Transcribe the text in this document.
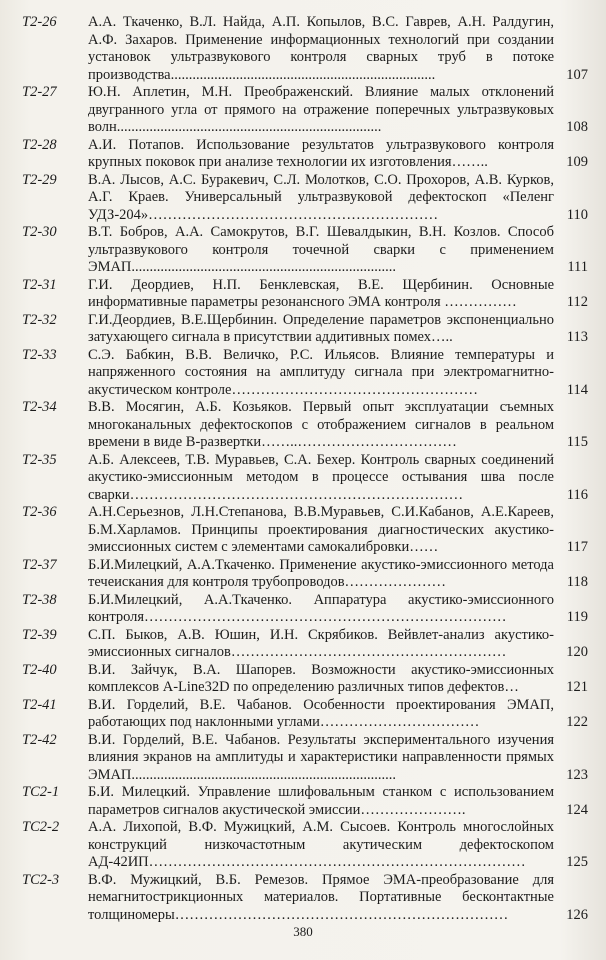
Т2-26	А.А. Ткаченко, В.Л. Найда, А.П. Копылов, В.С. Гаврев, А.Н. Ралдугин, А.Ф. Захаров. Применение информационных технологий при создании установок ультразвукового контроля сварных труб в потоке производства.........................................................................	107
Т2-27	Ю.Н. Аплетин, М.Н. Преображенский. Влияние малых отклонений двугранного угла от прямого на отражение поперечных ультразвуковых волн.........................................................................	108
Т2-28	А.И. Потапов. Использование результатов ультразвукового контроля крупных поковок при анализе технологии их изготовления……..	109
Т2-29	В.А. Лысов, А.С. Буракевич, С.Л. Молотков, С.О. Прохоров, А.В. Курков, А.Г. Краев. Универсальный ультразвуковой дефектоскоп «Пеленг УДЗ-204»……………………………………………………	110
Т2-30	В.Т. Бобров, А.А. Самокрутов, В.Г. Шевалдыкин, В.Н. Козлов. Способ ультразвукового контроля точечной сварки с применением ЭМАП.........................................................................	111
Т2-31	Г.И. Деордиев, Н.П. Бенклевская, В.Е. Щербинин. Основные информативные параметры резонансного ЭМА контроля ……………	112
Т2-32	Г.И.Деордиев, В.Е.Щербинин. Определение параметров экспоненциально затухающего сигнала в присутствии аддитивных помех…..	113
Т2-33	С.Э. Бабкин, В.В. Величко, Р.С. Ильясов. Влияние температуры и напряженного состояния на амплитуду сигнала при электромагнитно-акустическом контроле……………………………………………	114
Т2-34	В.В. Мосягин, А.Б. Козьяков. Первый опыт эксплуатации съемных многоканальных дефектоскопов с отображением сигналов в реальном времени в виде В-развертки……..……………………………	115
Т2-35	А.Б. Алексеев, Т.В. Муравьев, С.А. Бехер. Контроль сварных соединений акустико-эмиссионным методом в процессе остывания шва после сварки……………………………………………………………	116
Т2-36	А.Н.Серьезнов, Л.Н.Степанова, В.В.Муравьев, С.И.Кабанов, А.Е.Кареев, Б.М.Харламов. Принципы проектирования диагностических акустико-эмиссионных систем с элементами самокалибровки……	117
Т2-37	Б.И.Милецкий, А.А.Ткаченко. Применение акустико-эмиссионного метода течеискания для контроля трубопроводов…………………	118
Т2-38	Б.И.Милецкий, А.А.Ткаченко. Аппаратура акустико-эмиссионного контроля…………………………………………………………………	119
Т2-39	С.П. Быков, А.В. Юшин, И.Н. Скрябиков. Вейвлет-анализ акустико-эмиссионных сигналов…………………………………………………	120
Т2-40	В.И. Зайчук, В.А. Шапорев. Возможности акустико-эмиссионных комплексов A-Line32D по определению различных типов дефектов…	121
Т2-41	В.И. Горделий, В.Е. Чабанов. Особенности проектирования ЭМАП, работающих под наклонными углами……………………………	122
Т2-42	В.И. Горделий, В.Е. Чабанов. Результаты экспериментального изучения влияния экранов на амплитуды и характеристики направленности прямых ЭМАП.........................................................................	123
ТС2-1	Б.И. Милецкий. Управление шлифовальным станком с использованием параметров сигналов акустической эмиссии………………….	124
ТС2-2	А.А. Лихопой, В.Ф. Мужицкий, А.М. Сысоев. Контроль многослойных конструкций низкочастотным акутическим дефектоскопом АД-42ИП……………………………………………………………………	125
ТС2-3	В.Ф. Мужицкий, В.Б. Ремезов. Прямое ЭМА-преобразование для немагнитострикционных материалов. Портативные бесконтактные толщиномеры……………………………………………………………	126
380
